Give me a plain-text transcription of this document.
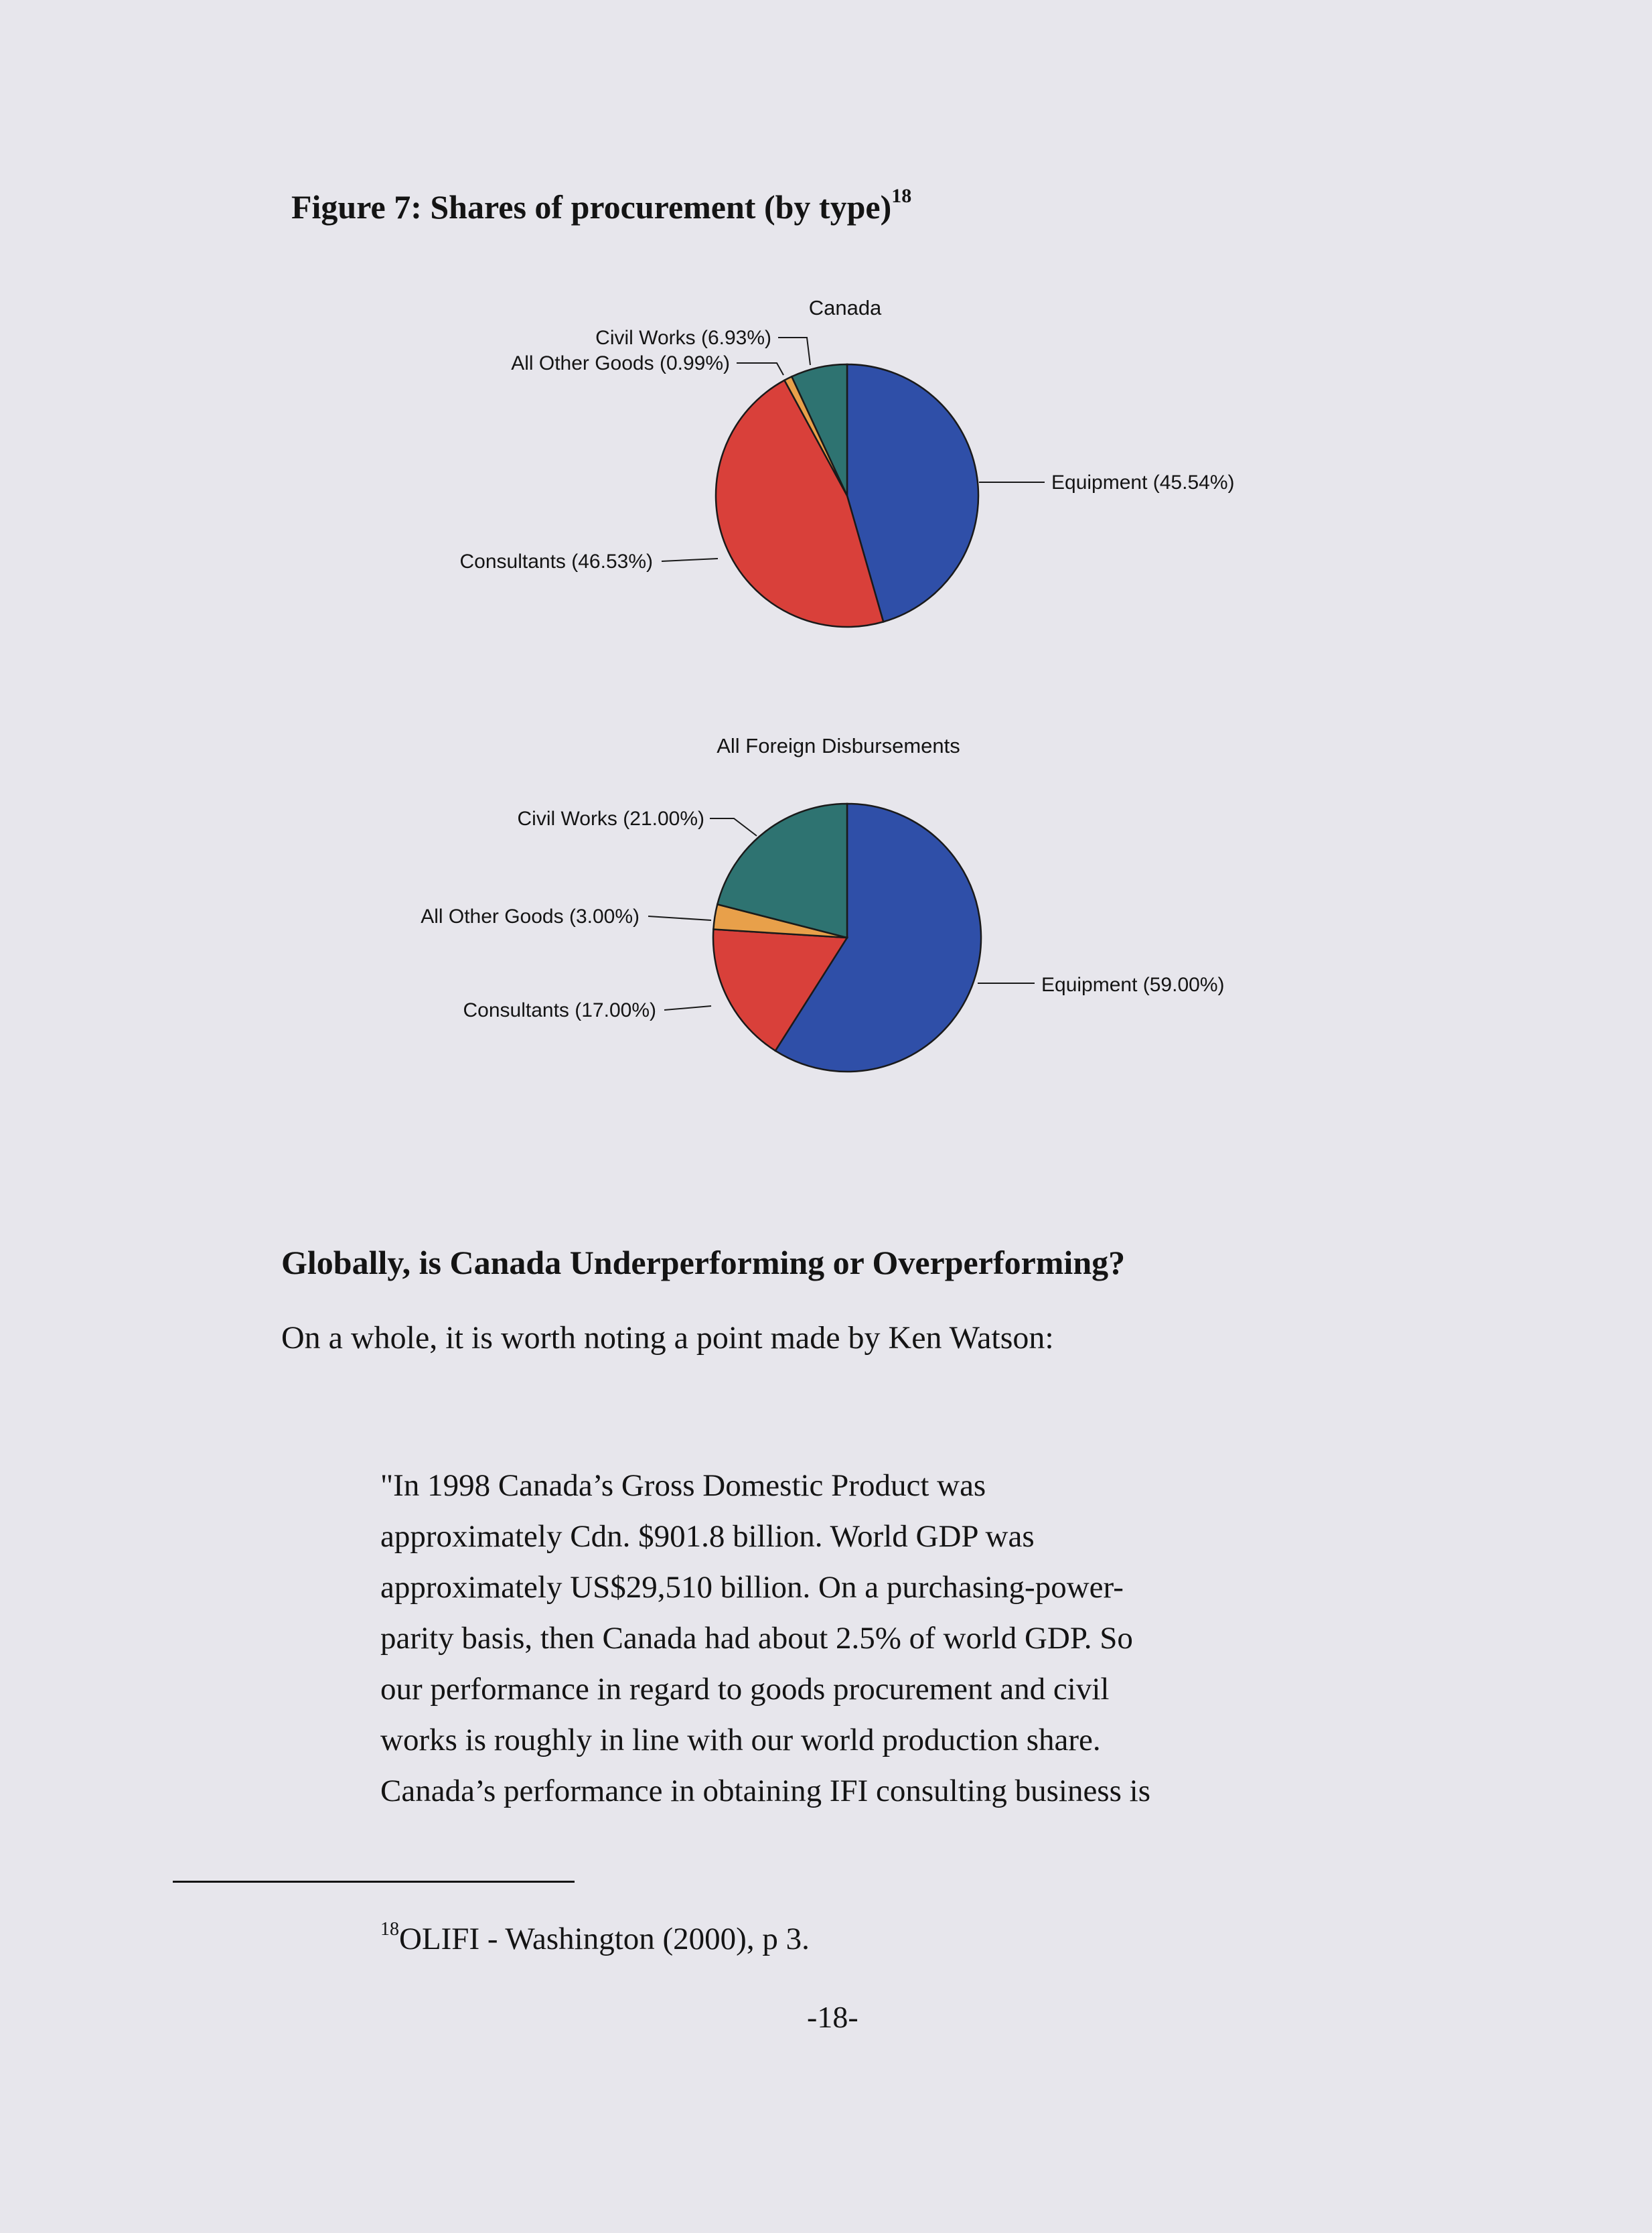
Figure 7: Shares of procurement (by type)$^{18}$
Canada
Equipment (45.54%)
Consultants (46.53%)
All Other Goods (0.99%)
Civil Works (6.93%)
All Foreign Disbursements
Equipment (59.00%)
Consultants (17.00%)
All Other Goods (3.00%)
Civil Works (21.00%)
Globally, is Canada Underperforming or Overperforming?
On a whole, it is worth noting a point made by Ken Watson:

"In 1998 Canada’s Gross Domestic Product was

approximately Cdn. $901.8 billion. World GDP was

approximately US$29,510 billion. On a purchasing-power-

parity basis, then Canada had about 2.5% of world GDP. So

our performance in regard to goods procurement and civil

works is roughly in line with our world production share.

Canada’s performance in obtaining IFI consulting business is

$^{18}$OLIFI - Washington (2000), p 3.
-18-
